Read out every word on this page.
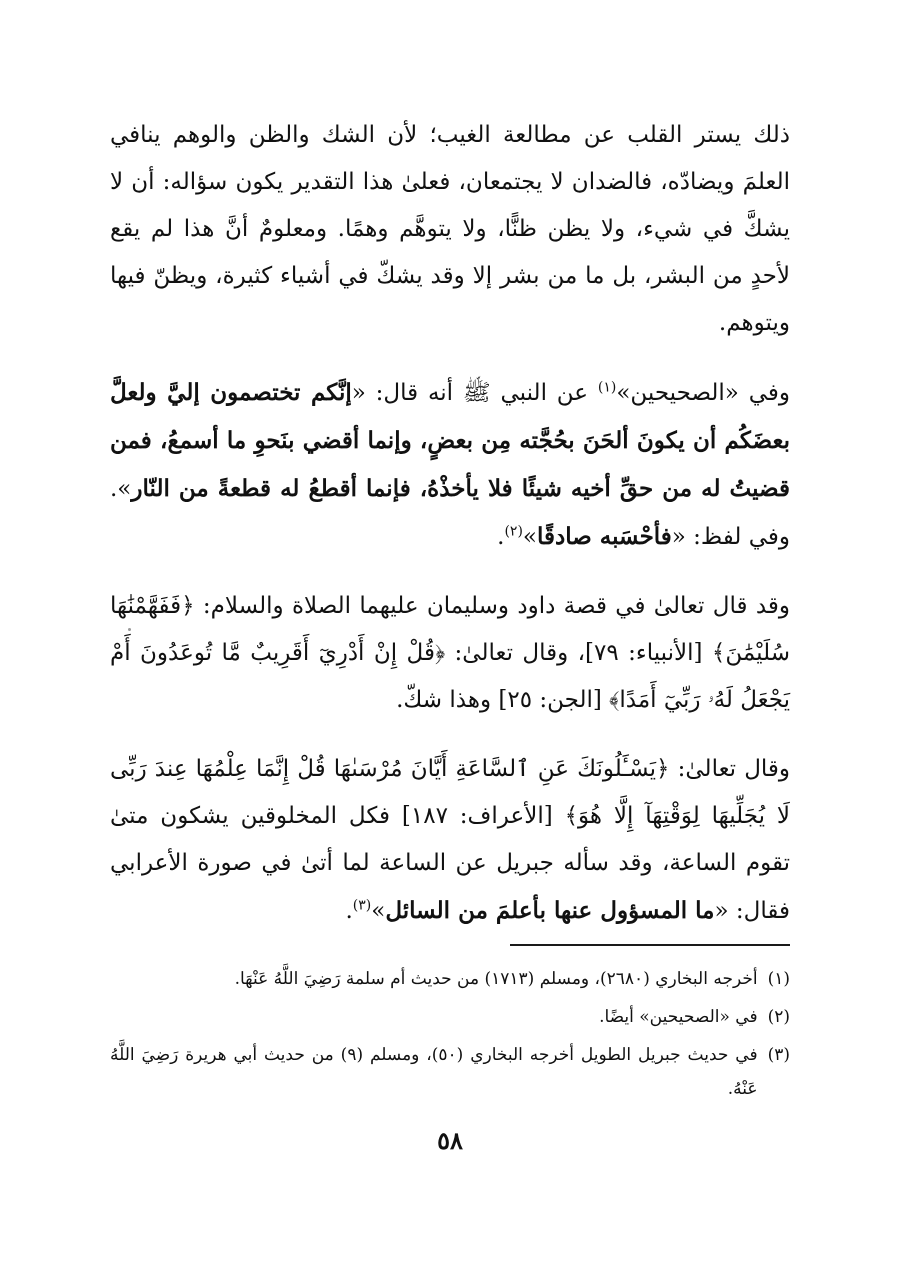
ذلك يستر القلب عن مطالعة الغيب؛ لأن الشك والظن والوهم ينافي العلمَ ويضادّه، فالضدان لا يجتمعان، فعلىٰ هذا التقدير يكون سؤاله: أن لا يشكَّ في شيء، ولا يظن ظنًّا، ولا يتوهَّم وهمًا. ومعلومٌ أنَّ هذا لم يقع لأحدٍ من البشر، بل ما من بشر إلا وقد يشكّ في أشياء كثيرة، ويظنّ فيها ويتوهم.

وفي «الصحيحين»$^{(١)}$ عن النبي ﷺ أنه قال: «إنَّكم تختصمون إليَّ ولعلَّ بعضَكُم أن يكونَ ألحَنَ بحُجَّته مِن بعضٍ، وإنما أقضي بنَحوِ ما أسمعُ، فمن قضيتُ له من حقِّ أخيه شيئًا فلا يأخذْهُ، فإنما أقطعُ له قطعةً من النّار». وفي لفظ: «فأحْسَبه صادقًا»$^{(٢)}$.

وقد قال تعالىٰ في قصة داود وسليمان عليهما الصلاة والسلام: ﴿فَفَهَّمْنَٰهَا سُلَيْمَٰنَ﴾ [الأنبياء: ٧٩]، وقال تعالىٰ: ﴿قُلْ إِنْ أَدْرِيٓ أَقَرِيبٌ مَّا تُوعَدُونَ أَمْ يَجْعَلُ لَهُۥ رَبِّيٓ أَمَدًا﴾ [الجن: ٢٥] وهذا شكّ.

وقال تعالىٰ: ﴿يَسْـَٔلُونَكَ عَنِ ٱلسَّاعَةِ أَيَّانَ مُرْسَىٰهَا قُلْ إِنَّمَا عِلْمُهَا عِندَ رَبِّى لَا يُجَلِّيهَا لِوَقْتِهَآ إِلَّا هُوَ﴾ [الأعراف: ١٨٧] فكل المخلوقين يشكون متىٰ تقوم الساعة، وقد سأله جبريل عن الساعة لما أتىٰ في صورة الأعرابي فقال: «ما المسؤول عنها بأعلمَ من السائل»$^{(٣)}$.

(١)
أخرجه البخاري (٢٦٨٠)، ومسلم (١٧١٣) من حديث أم سلمة رَضِيَ اللَّهُ عَنْهَا.
(٢)
في «الصحيحين» أيضًا.
(٣)
في حديث جبريل الطويل أخرجه البخاري (٥٠)، ومسلم (٩) من حديث أبي هريرة رَضِيَ اللَّهُ عَنْهُ.
٥٨
